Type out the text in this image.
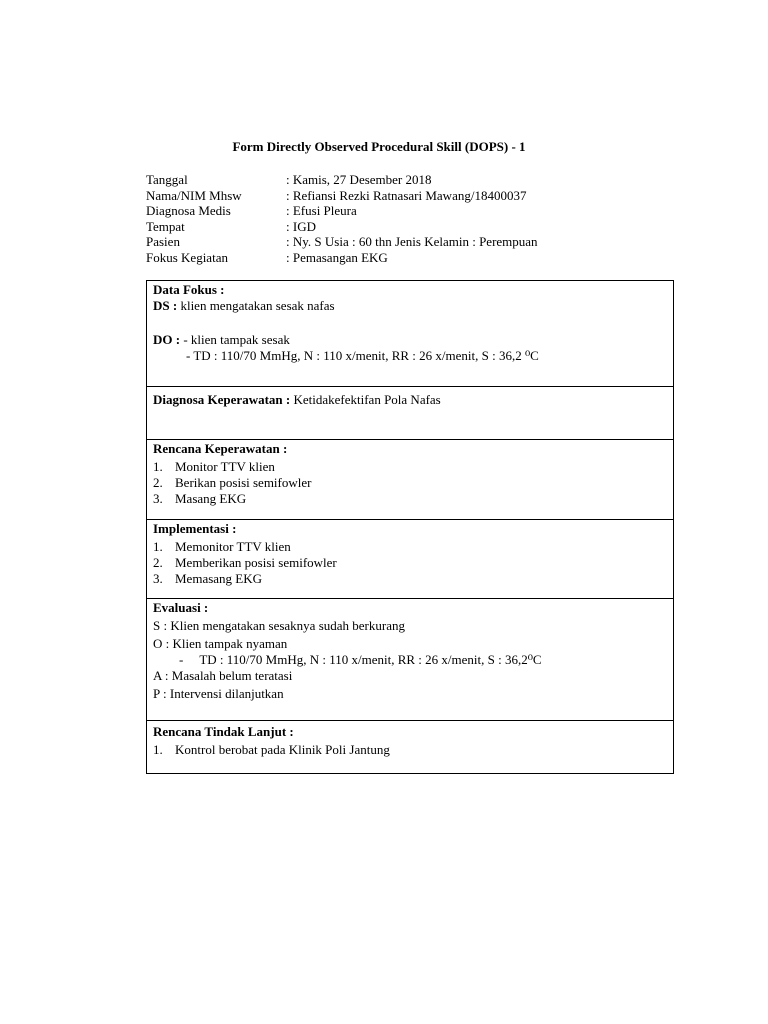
Form Directly Observed Procedural Skill (DOPS) - 1
Tanggal	: Kamis, 27 Desember 2018
Nama/NIM Mhsw	: Refiansi Rezki Ratnasari Mawang/18400037
Diagnosa Medis	: Efusi Pleura
Tempat	: IGD
Pasien	: Ny. S Usia : 60 thn Jenis Kelamin : Perempuan
Fokus Kegiatan	: Pemasangan EKG
Data Fokus :
DS : klien mengatakan sesak nafas
DO : - klien tampak sesak
- TD : 110/70 MmHg, N : 110 x/menit, RR : 26 x/menit, S : 36,2 ⁰C
Diagnosa Keperawatan : Ketidakefektifan Pola Nafas
Rencana Keperawatan :
1. Monitor TTV klien
2. Berikan posisi semifowler
3. Masang EKG
Implementasi :
1. Memonitor TTV klien
2. Memberikan posisi semifowler
3. Memasang EKG
Evaluasi :
S : Klien mengatakan sesaknya sudah berkurang
O : Klien tampak nyaman
-     TD : 110/70 MmHg, N : 110 x/menit, RR : 26 x/menit, S : 36,2⁰C
A : Masalah belum teratasi
P : Intervensi dilanjutkan
Rencana Tindak Lanjut :
1. Kontrol berobat pada Klinik Poli Jantung
